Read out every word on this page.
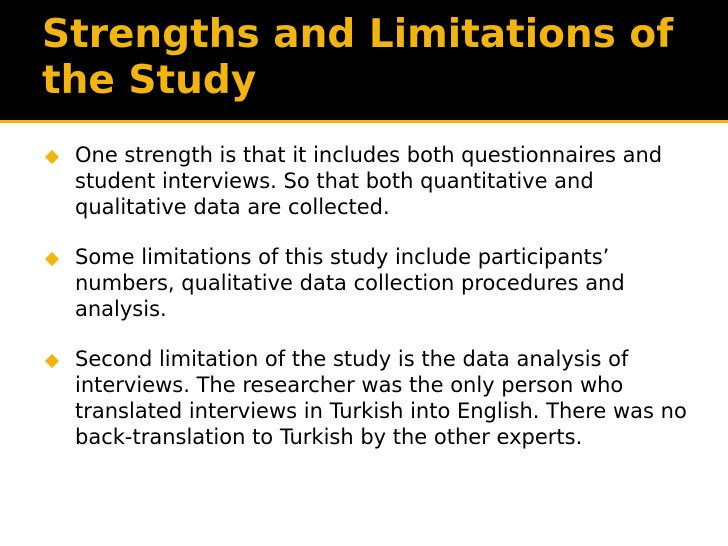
Strengths and Limitations of
the Study
One strength is that it includes both questionnaires and student interviews. So that both quantitative and qualitative data are collected.
Some limitations of this study include participants’ numbers, qualitative data collection procedures and analysis.
Second limitation of the study is the data analysis of interviews. The researcher was the only person who translated interviews in Turkish into English. There was no back-translation to Turkish by the other experts.
